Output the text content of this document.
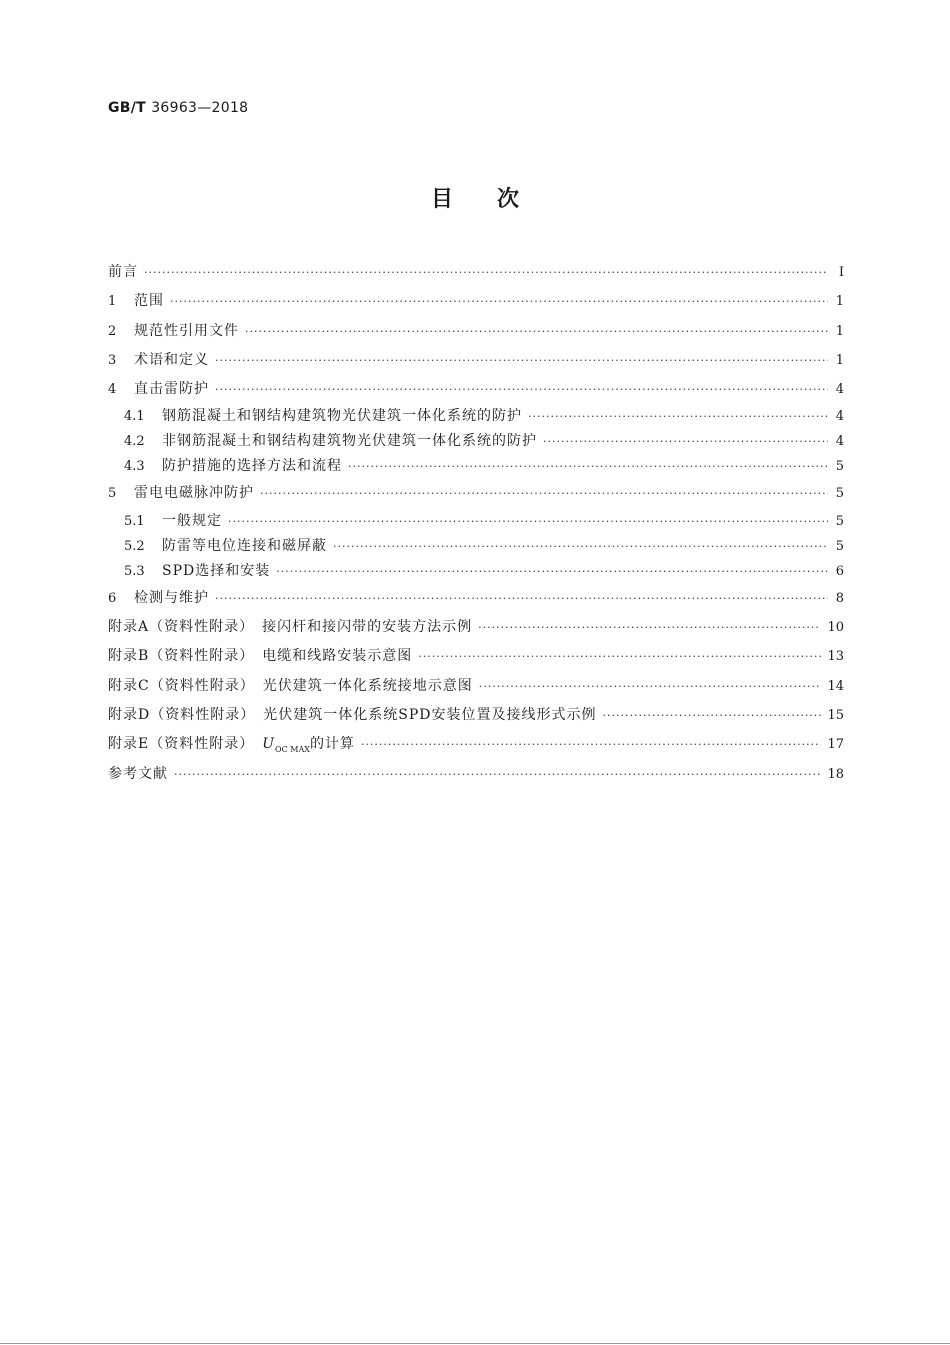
GB/T 36963—2018
目次
前言 ·····	Ⅰ
1	范围 ·····	1
2	规范性引用文件 ·····	1
3	术语和定义 ·····	1
4	直击雷防护 ·····	4
4.1	钢筋混凝土和钢结构建筑物光伏建筑一体化系统的防护 ·····	4
4.2	非钢筋混凝土和钢结构建筑物光伏建筑一体化系统的防护 ·····	4
4.3	防护措施的选择方法和流程 ·····	5
5	雷电电磁脉冲防护 ·····	5
5.1	一般规定 ·····	5
5.2	防雷等电位连接和磁屏蔽 ·····	5
5.3	SPD选择和安装 ·····	6
6	检测与维护 ·····	8
附录A（资料性附录）　接闪杆和接闪带的安装方法示例 ·····	10
附录B（资料性附录）　电缆和线路安装示意图 ·····	13
附录C（资料性附录）　光伏建筑一体化系统接地示意图 ·····	14
附录D（资料性附录）　光伏建筑一体化系统SPD安装位置及接线形式示例 ·····	15
附录E（资料性附录）　$U_{OC MAX}$的计算 ·····	17
参考文献 ·····	18
